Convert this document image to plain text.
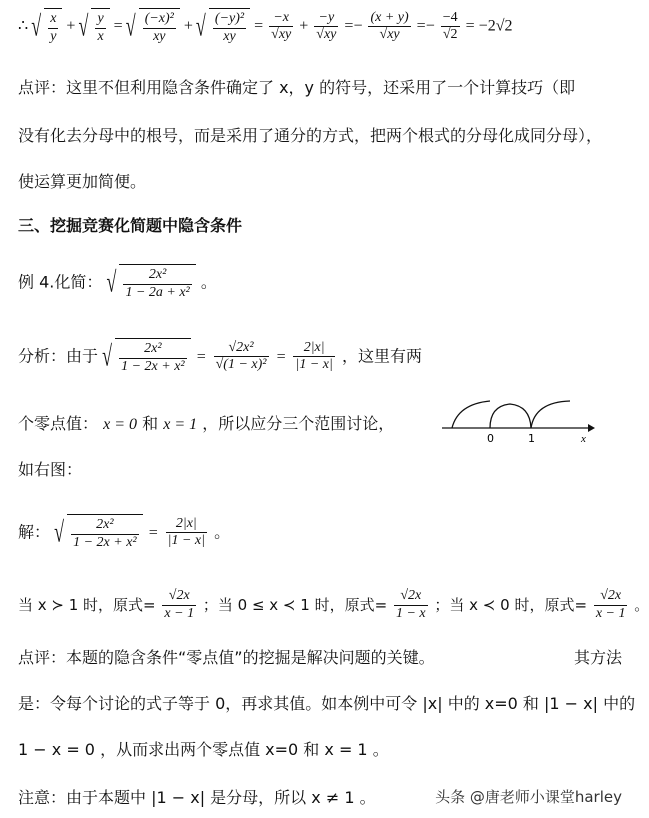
∴ √ $\frac{x}{y}$ + √ $\frac{y}{x}$ = √ $\frac{\text{(−x)²}}{xy}$ + √ $\frac{\text{(−y)²}}{xy} = \frac{-x}{√xy} + \frac{-y}{√xy} =- \frac{(x + y)}{√xy} =- \frac{-4}{√2} = -2√2$
点评：这里不但利用隐含条件确定了 x，y 的符号，还采用了一个计算技巧（即
没有化去分母中的根号，而是采用了通分的方式，把两个根式的分母化成同分母），
使运算更加简便。
三、挖掘竞赛化简题中隐含条件
例 4.化简： √ $\frac{\text{2x²}}{\text{1 − 2a + x²}}$ 。
分析：由于 √ $\frac{\text{2x²}}{\text{1 − 2x + x²}} = \frac{\text{√2x²}}{\text{√(1 − x)²}} = \frac{2|x|}{|1 - x|}$ ，这里有两
个零点值： x = 0 和 x = 1 ，所以应分三个范围讨论，
如右图：
0	1	x
解： √ $\frac{\text{2x²}}{\text{1 − 2x + x²}} = \frac{2|x|}{|1 - x|}$ 。
当 x ≻ 1 时，原式= $\frac{√2x}{x - 1}$ ；当 0 ≤ x ≺ 1 时，原式= $\frac{√2x}{1 - x}$ ；当 x ≺ 0 时，原式= $\frac{√2x}{x - 1}$ 。
点评：本题的隐含条件“零点值”的挖掘是解决问题的关键。	其方法
是：令每个讨论的式子等于 0，再求其值。如本例中可令 |x| 中的 x=0 和 |1 − x| 中的
1 − x = 0 ，从而求出两个零点值 x=0 和 x = 1 。
注意：由于本题中 |1 − x| 是分母，所以 x ≠ 1 。	头条 @唐老师小课堂harley
